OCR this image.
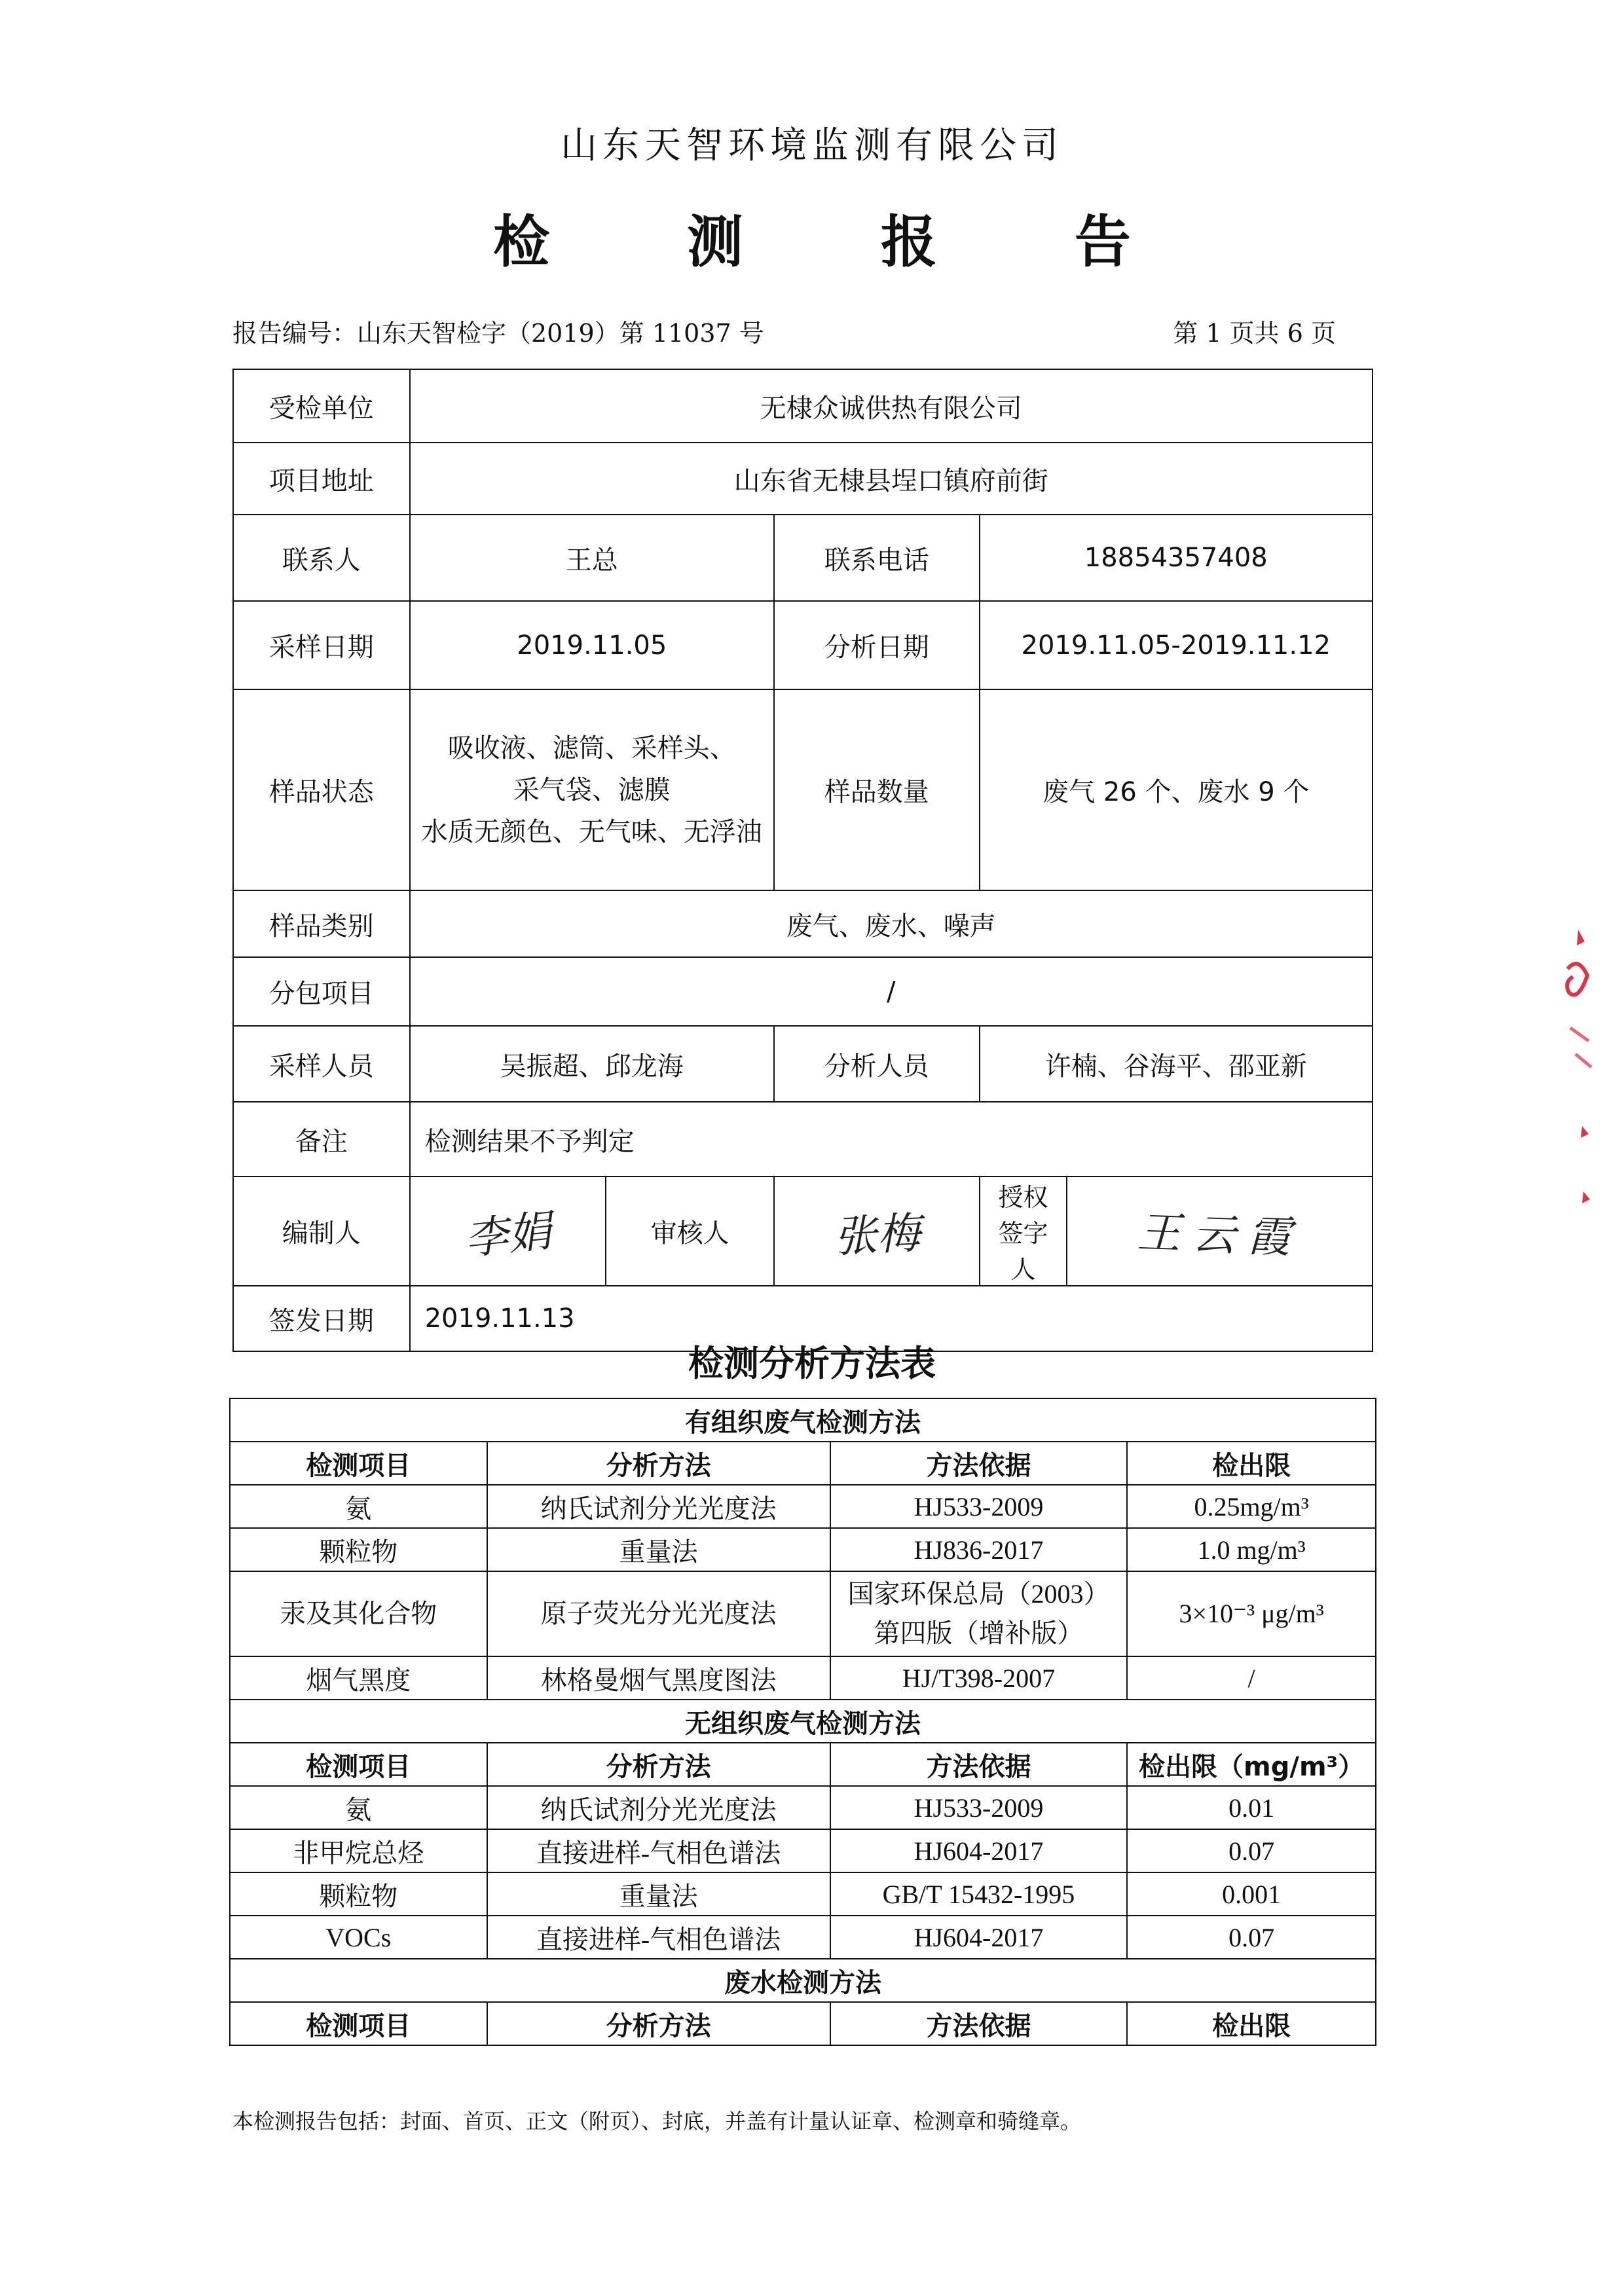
山东天智环境监测有限公司
检 测 报 告
报告编号：山东天智检字（2019）第 11037 号	第 1 页共 6 页
受检单位	无棣众诚供热有限公司				
项目地址	山东省无棣县埕口镇府前街				
联系人	王总		联系电话	18854357408	
采样日期	2019.11.05		分析日期	2019.11.05-2019.11.12	
样品状态	吸收液、滤筒、采样头、
采气袋、滤膜
水质无颜色、无气味、无浮油		样品数量	废气 26 个、废水 9 个	
样品类别	废气、废水、噪声				
分包项目	/				
采样人员	吴振超、邱龙海		分析人员	许楠、谷海平、邵亚新	
备注	检测结果不予判定				
编制人	李娟	审核人	张梅	授权签字人	王云霞
签发日期	2019.11.13				
检测分析方法表
有组织废气检测方法			
检测项目	分析方法	方法依据	检出限
氨	纳氏试剂分光光度法	HJ533-2009	0.25mg/m³
颗粒物	重量法	HJ836-2017	1.0 mg/m³
汞及其化合物	原子荧光分光光度法	国家环保总局（2003）
第四版（增补版）	3×10⁻³ μg/m³
烟气黑度	林格曼烟气黑度图法	HJ/T398-2007	/
无组织废气检测方法			
检测项目	分析方法	方法依据	检出限（mg/m³）
氨	纳氏试剂分光光度法	HJ533-2009	0.01
非甲烷总烃	直接进样-气相色谱法	HJ604-2017	0.07
颗粒物	重量法	GB/T 15432-1995	0.001
VOCs	直接进样-气相色谱法	HJ604-2017	0.07
废水检测方法			
检测项目	分析方法	方法依据	检出限
本检测报告包括：封面、首页、正文（附页）、封底，并盖有计量认证章、检测章和骑缝章。
